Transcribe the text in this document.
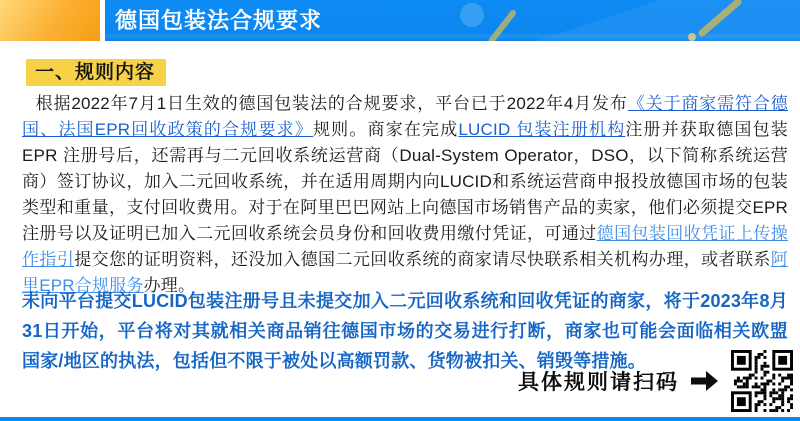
德国包装法合规要求
一、规则内容

根据2022年7月1日生效的德国包装法的合规要求，平台已于2022年4月发布《关于商家需符合德国、法国EPR回收政策的合规要求》规则。商家在完成LUCID 包装注册机构注册并获取德国包装 EPR 注册号后，还需再与二元回收系统运营商（Dual-System Operator，DSO，以下简称系统运营商）签订协议，加入二元回收系统，并在适用周期内向LUCID和系统运营商申报投放德国市场的包装类型和重量，支付回收费用。对于在阿里巴巴网站上向德国市场销售产品的卖家，他们必须提交EPR注册号以及证明已加入二元回收系统会员身份和回收费用缴付凭证，可通过德国包装回收凭证上传操作指引提交您的证明资料，还没加入德国二元回收系统的商家请尽快联系相关机构办理，或者联系阿里EPR合规服务办理。

未向平台提交LUCID包装注册号且未提交加入二元回收系统和回收凭证的商家，将于2023年8月31日开始，平台将对其就相关商品销往德国市场的交易进行打断，商家也可能会面临相关欧盟国家/地区的执法，包括但不限于被处以高额罚款、货物被扣关、销毁等措施。

具体规则请扫码
